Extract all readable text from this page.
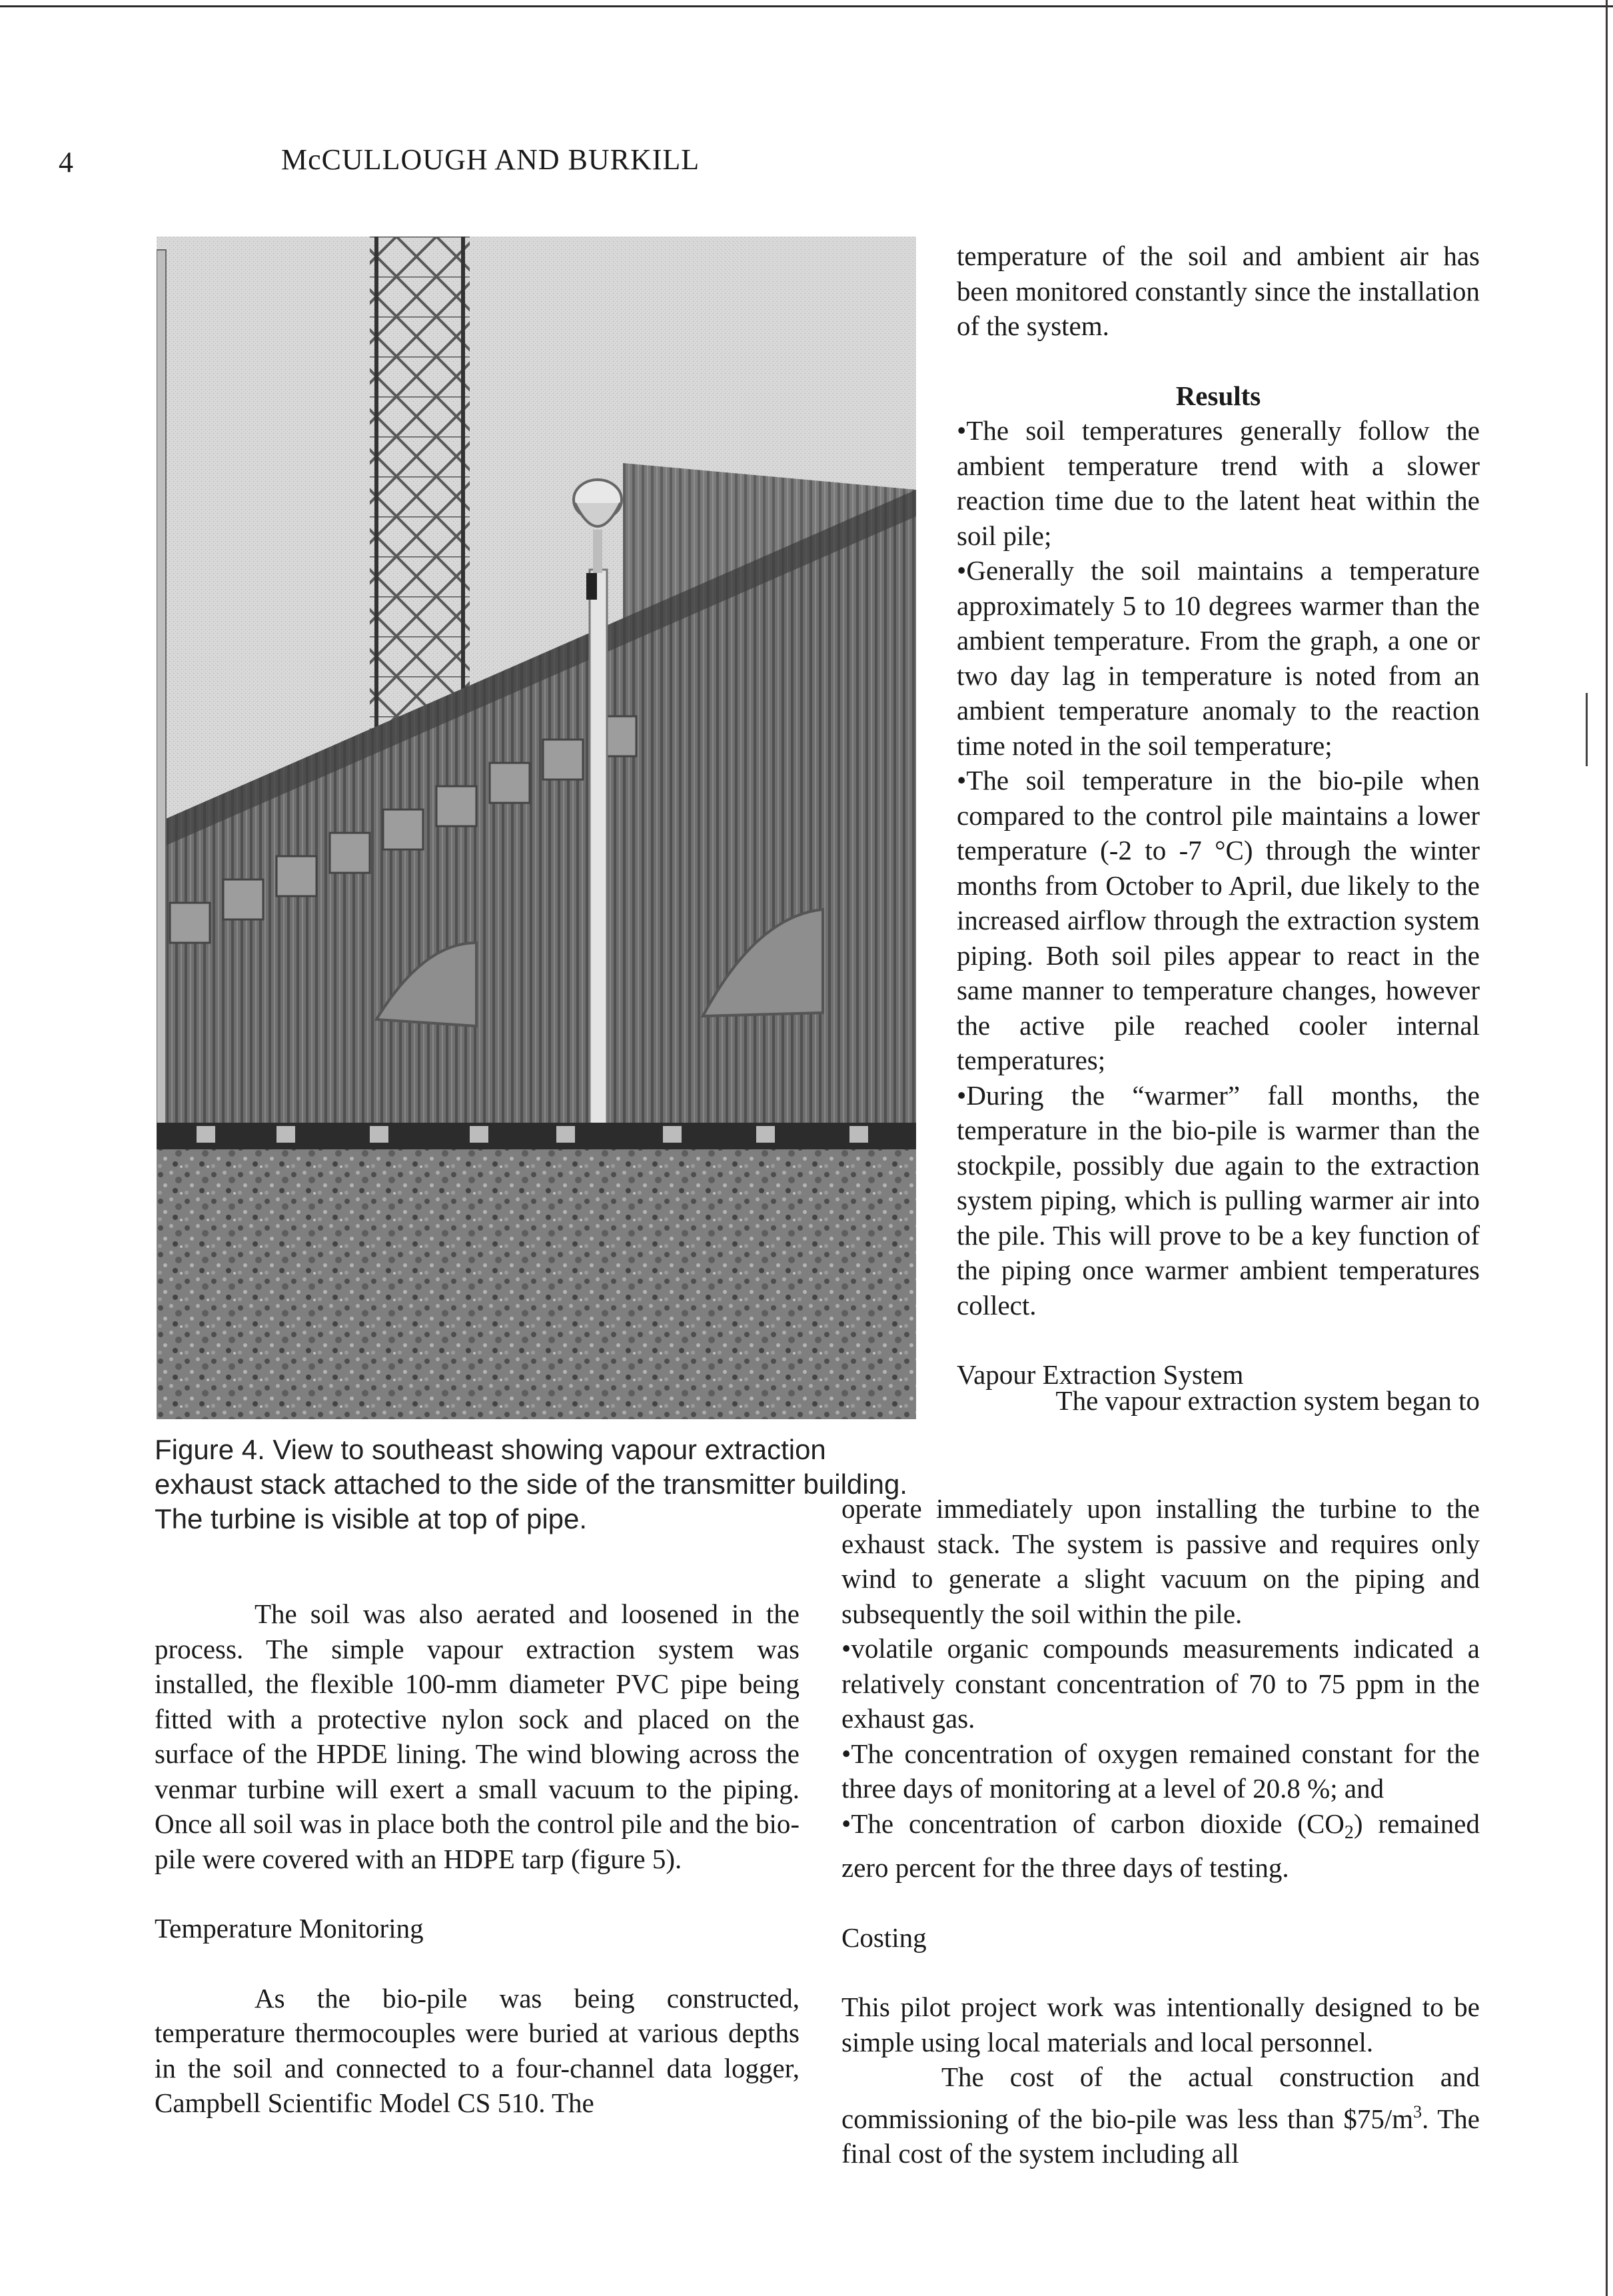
4	McCULLOUGH AND BURKILL
Figure 4. View to southeast showing vapour extraction exhaust stack attached to the side of the transmitter building. The turbine is visible at top of pipe.

temperature of the soil and ambient air has been monitored constantly since the installation of the system.

Results

•The soil temperatures generally follow the ambient temperature trend with a slower reaction time due to the latent heat within the soil pile;

•Generally the soil maintains a temperature approximately 5 to 10 degrees warmer than the ambient temperature. From the graph, a one or two day lag in temperature is noted from an ambient temperature anomaly to the reaction time noted in the soil temperature;

•The soil temperature in the bio-pile when compared to the control pile maintains a lower temperature (-2 to -7 °C) through the winter months from October to April, due likely to the increased airflow through the extraction system piping. Both soil piles appear to react in the same manner to temperature changes, however the active pile reached cooler internal temperatures;

•During the “warmer” fall months, the temperature in the bio-pile is warmer than the stockpile, possibly due again to the extraction system piping, which is pulling warmer air into the pile. This will prove to be a key function of the piping once warmer ambient temperatures collect.

Vapour Extraction System

The vapour extraction system began to

operate immediately upon installing the turbine to the exhaust stack. The system is passive and requires only wind to generate a slight vacuum on the piping and subsequently the soil within the pile.

•volatile organic compounds measurements indicated a relatively constant concentration of 70 to 75 ppm in the exhaust gas.

•The concentration of oxygen remained constant for the three days of monitoring at a level of 20.8 %; and

•The concentration of carbon dioxide (CO2) remained zero percent for the three days of testing.

Costing

This pilot project work was intentionally designed to be simple using local materials and local personnel.

The cost of the actual construction and commissioning of the bio-pile was less than $\$75/m^3$. The final cost of the system including all

The soil was also aerated and loosened in the process. The simple vapour extraction system was installed, the flexible 100-mm diameter PVC pipe being fitted with a protective nylon sock and placed on the surface of the HPDE lining. The wind blowing across the venmar turbine will exert a small vacuum to the piping. Once all soil was in place both the control pile and the bio-pile were covered with an HDPE tarp (figure 5).

Temperature Monitoring

As the bio-pile was being constructed, temperature thermocouples were buried at various depths in the soil and connected to a four-channel data logger, Campbell Scientific Model CS 510. The
